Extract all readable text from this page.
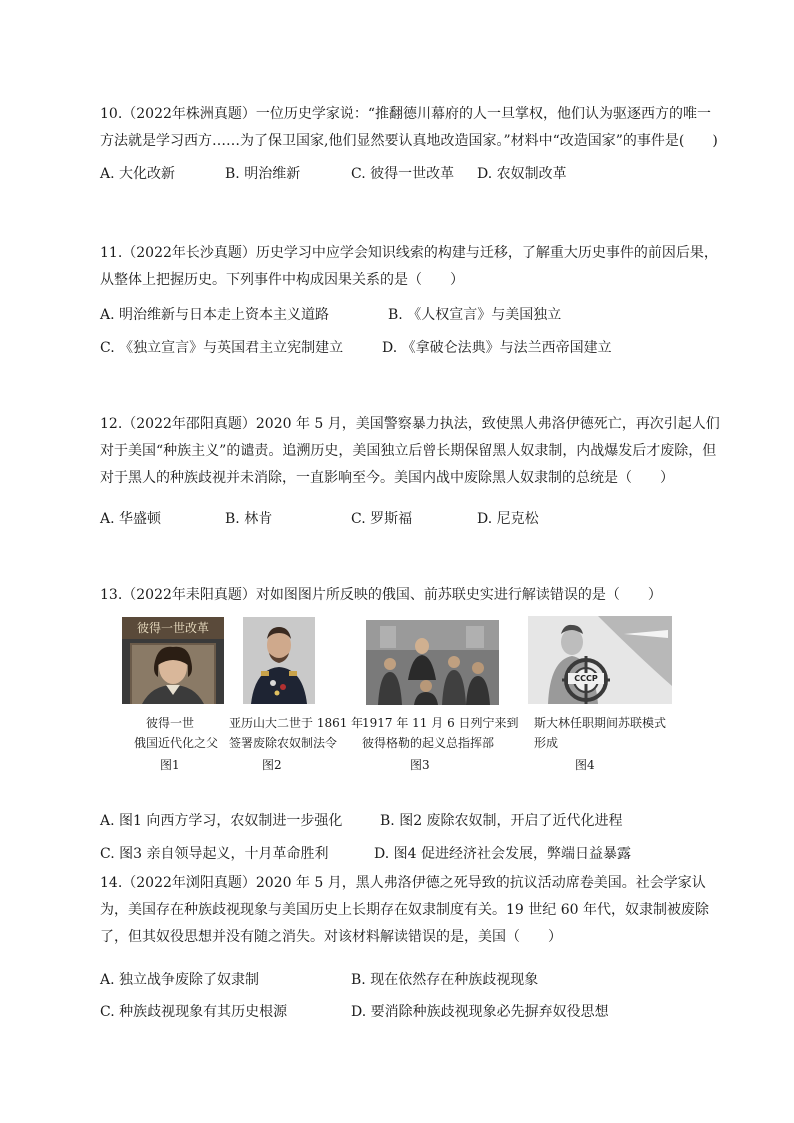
10.（2022年株洲真题）一位历史学家说：“推翻德川幕府的人一旦掌权，他们认为驱逐西方的唯一方法就是学习西方……为了保卫国家,他们显然要认真地改造国家。”材料中“改造国家”的事件是(　　)
A. 大化改新	B. 明治维新	C. 彼得一世改革 D. 农奴制改革
11.（2022年长沙真题）历史学习中应学会知识线索的构建与迁移，了解重大历史事件的前因后果，从整体上把握历史。下列事件中构成因果关系的是（　　）
A. 明治维新与日本走上资本主义道路	B. 《人权宣言》与美国独立
C. 《独立宣言》与英国君主立宪制建立	D. 《拿破仑法典》与法兰西帝国建立
12.（2022年邵阳真题）2020 年 5 月，美国警察暴力执法，致使黑人弗洛伊德死亡，再次引起人们对于美国“种族主义”的谴责。追溯历史，美国独立后曾长期保留黑人奴隶制，内战爆发后才废除，但对于黑人的种族歧视并未消除，一直影响至今。美国内战中废除黑人奴隶制的总统是（　　）
A. 华盛顿	B. 林肯	C. 罗斯福	D. 尼克松
13.（2022年耒阳真题）对如图图片所反映的俄国、前苏联史实进行解读错误的是（　　）
彼得一世改革
СССР
彼得一世
俄国近代化之父
图1
亚历山大二世于 1861 年
签署废除农奴制法令
图2
1917 年 11 月 6 日列宁来到
彼得格勒的起义总指挥部
图3
斯大林任职期间苏联模式
形成
图4
A. 图1 向西方学习，农奴制进一步强化	B. 图2 废除农奴制，开启了近代化进程
C. 图3 亲自领导起义，十月革命胜利	D. 图4 促进经济社会发展，弊端日益暴露
14.（2022年浏阳真题）2020 年 5 月，黑人弗洛伊德之死导致的抗议活动席卷美国。社会学家认为，美国存在种族歧视现象与美国历史上长期存在奴隶制度有关。19 世纪 60 年代，奴隶制被废除了，但其奴役思想并没有随之消失。对该材料解读错误的是，美国（　　）
A. 独立战争废除了奴隶制	B. 现在依然存在种族歧视现象
C. 种族歧视现象有其历史根源	D. 要消除种族歧视现象必先摒弃奴役思想
